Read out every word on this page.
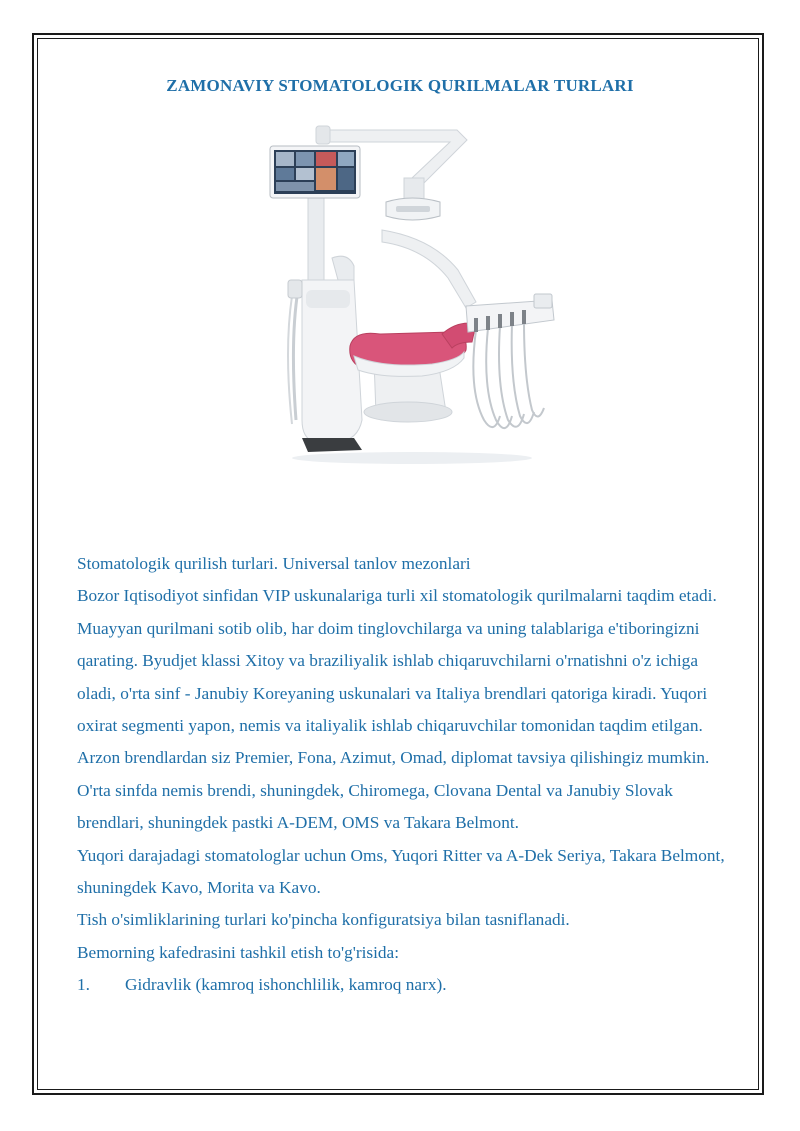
ZAMONAVIY STOMATOLOGIK QURILMALAR TURLARI

Stomatologik qurilish turlari. Universal tanlov mezonlari

Bozor Iqtisodiyot sinfidan VIP uskunalariga turli xil stomatologik qurilmalarni taqdim etadi. Muayyan qurilmani sotib olib, har doim tinglovchilarga va uning talablariga e'tiboringizni qarating. Byudjet klassi Xitoy va braziliyalik ishlab chiqaruvchilarni o'rnatishni o'z ichiga oladi, o'rta sinf - Janubiy Koreyaning uskunalari va Italiya brendlari qatoriga kiradi. Yuqori oxirat segmenti yapon, nemis va italiyalik ishlab chiqaruvchilar tomonidan taqdim etilgan.

Arzon brendlardan siz Premier, Fona, Azimut, Omad, diplomat tavsiya qilishingiz mumkin. O'rta sinfda nemis brendi, shuningdek, Chiromega, Clovana Dental va Janubiy Slovak brendlari, shuningdek pastki A-DEM, OMS va Takara Belmont.

Yuqori darajadagi stomatologlar uchun Oms, Yuqori Ritter va A-Dek Seriya, Takara Belmont, shuningdek Kavo, Morita va Kavo.

Tish o'simliklarining turlari ko'pincha konfiguratsiya bilan tasniflanadi.

Bemorning kafedrasini tashkil etish to'g'risida:

1.	Gidravlik (kamroq ishonchlilik, kamroq narx).
